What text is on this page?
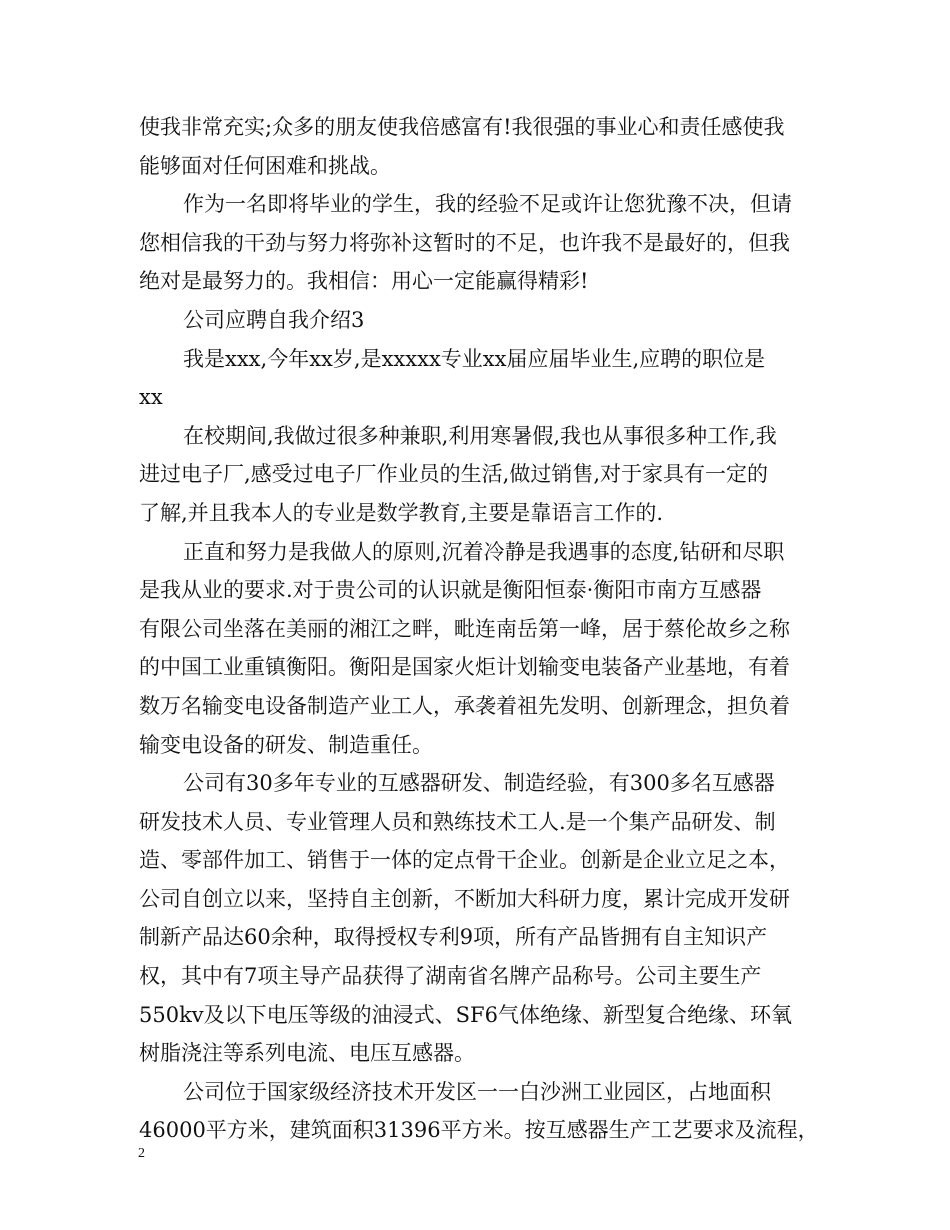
使我非常充实;众多的朋友使我倍感富有!我很强的事业心和责任感使我
能够面对任何困难和挑战。
作为一名即将毕业的学生，我的经验不足或许让您犹豫不决，但请
您相信我的干劲与努力将弥补这暂时的不足，也许我不是最好的，但我
绝对是最努力的。我相信：用心一定能赢得精彩!
公司应聘自我介绍3
我是xxx,今年xx岁,是xxxxx专业xx届应届毕业生,应聘的职位是
xx
在校期间,我做过很多种兼职,利用寒暑假,我也从事很多种工作,我
进过电子厂,感受过电子厂作业员的生活,做过销售,对于家具有一定的
了解,并且我本人的专业是数学教育,主要是靠语言工作的.
正直和努力是我做人的原则,沉着冷静是我遇事的态度,钻研和尽职
是我从业的要求.对于贵公司的认识就是衡阳恒泰·衡阳市南方互感器
有限公司坐落在美丽的湘江之畔，毗连南岳第一峰，居于蔡伦故乡之称
的中国工业重镇衡阳。衡阳是国家火炬计划输变电装备产业基地，有着
数万名输变电设备制造产业工人，承袭着祖先发明、创新理念，担负着
输变电设备的研发、制造重任。
公司有30多年专业的互感器研发、制造经验，有300多名互感器
研发技术人员、专业管理人员和熟练技术工人.是一个集产品研发、制
造、零部件加工、销售于一体的定点骨干企业。创新是企业立足之本，
公司自创立以来，坚持自主创新，不断加大科研力度，累计完成开发研
制新产品达60余种，取得授权专利9项，所有产品皆拥有自主知识产
权，其中有7项主导产品获得了湖南省名牌产品称号。公司主要生产
550kv及以下电压等级的油浸式、SF6气体绝缘、新型复合绝缘、环氧
树脂浇注等系列电流、电压互感器。
公司位于国家级经济技术开发区一一白沙洲工业园区，占地面积
46000平方米，建筑面积31396平方米。按互感器生产工艺要求及流程，
2
